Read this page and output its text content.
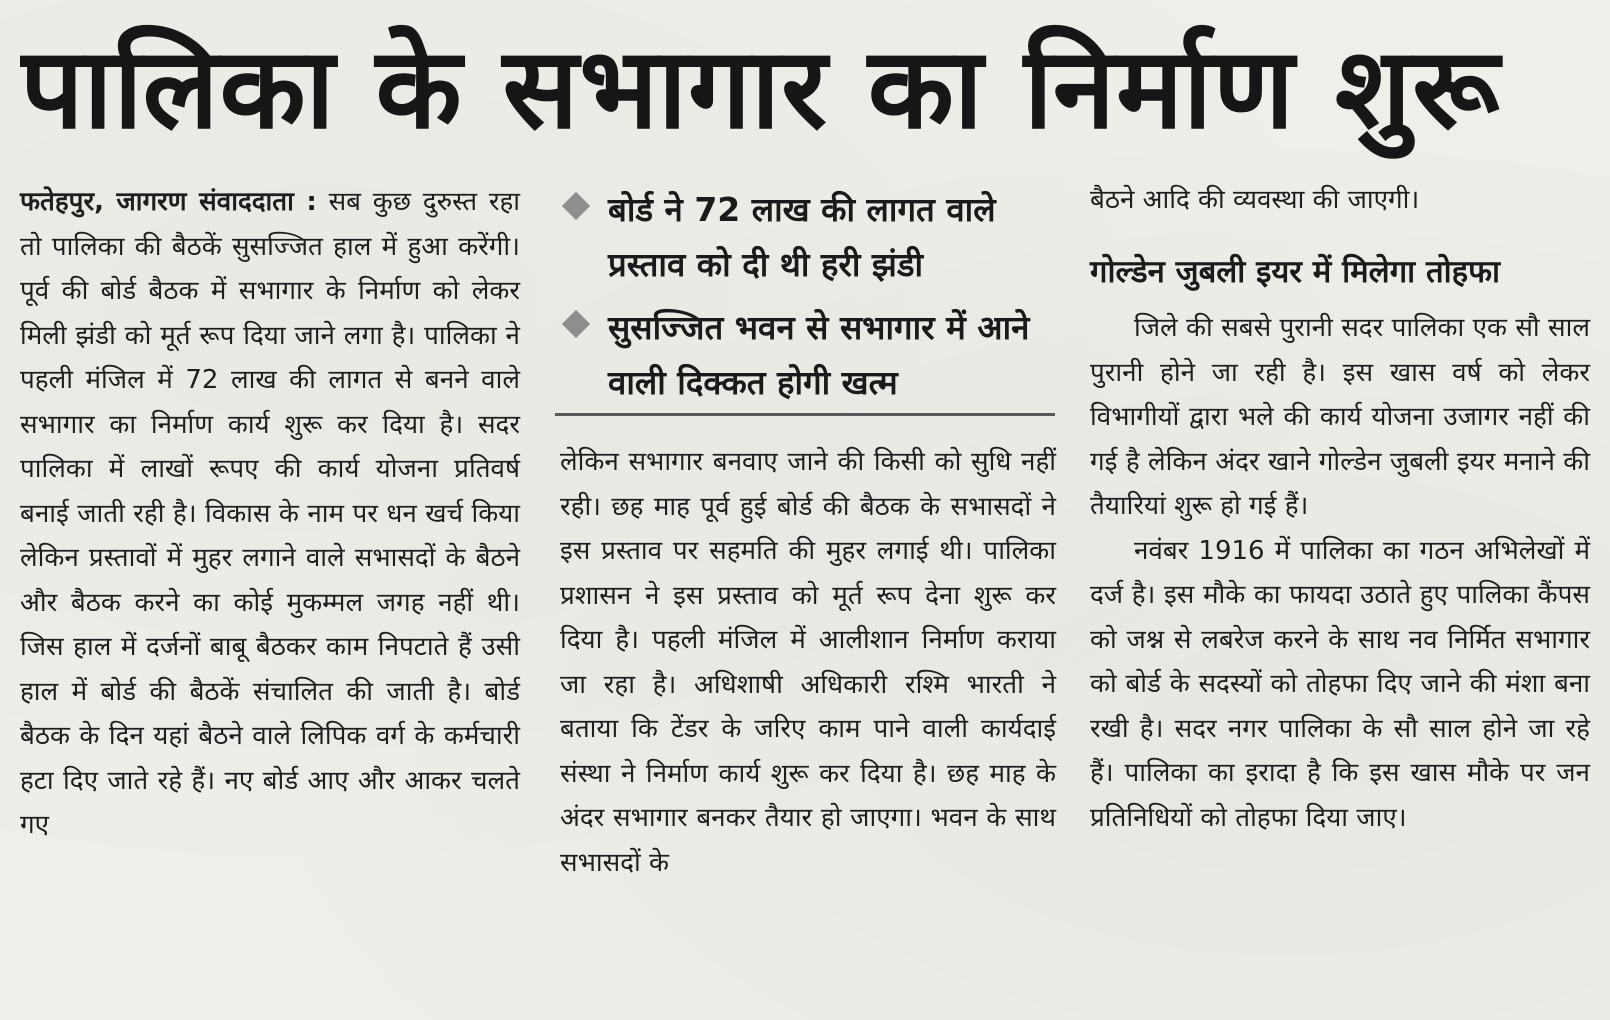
पालिका के सभागार का निर्माण शुरू

फतेहपुर, जागरण संवाददाता : सब कुछ दुरुस्त रहा तो पालिका की बैठकें सुसज्जित हाल में हुआ करेंगी। पूर्व की बोर्ड बैठक में सभागार के निर्माण को लेकर मिली झंडी को मूर्त रूप दिया जाने लगा है। पालिका ने पहली मंजिल में 72 लाख की लागत से बनने वाले सभागार का निर्माण कार्य शुरू कर दिया है। सदर पालिका में लाखों रूपए की कार्य योजना प्रतिवर्ष बनाई जाती रही है। विकास के नाम पर धन खर्च किया लेकिन प्रस्तावों में मुहर लगाने वाले सभासदों के बैठने और बैठक करने का कोई मुकम्मल जगह नहीं थी। जिस हाल में दर्जनों बाबू बैठकर काम निपटाते हैं उसी हाल में बोर्ड की बैठकें संचालित की जाती है। बोर्ड बैठक के दिन यहां बैठने वाले लिपिक वर्ग के कर्मचारी हटा दिए जाते रहे हैं। नए बोर्ड आए और आकर चलते गए

बोर्ड ने 72 लाख की लागत वाले प्रस्ताव को दी थी हरी झंडी
सुसज्जित भवन से सभागार में आने वाली दिक्कत होगी खत्म

लेकिन सभागार बनवाए जाने की किसी को सुधि नहीं रही। छह माह पूर्व हुई बोर्ड की बैठक के सभासदों ने इस प्रस्ताव पर सहमति की मुहर लगाई थी। पालिका प्रशासन ने इस प्रस्ताव को मूर्त रूप देना शुरू कर दिया है। पहली मंजिल में आलीशान निर्माण कराया जा रहा है। अधिशाषी अधिकारी रश्मि भारती ने बताया कि टेंडर के जरिए काम पाने वाली कार्यदाई संस्था ने निर्माण कार्य शुरू कर दिया है। छह माह के अंदर सभागार बनकर तैयार हो जाएगा। भवन के साथ सभासदों के

बैठने आदि की व्यवस्था की जाएगी।

गोल्डेन जुबली इयर में मिलेगा तोहफा

जिले की सबसे पुरानी सदर पालिका एक सौ साल पुरानी होने जा रही है। इस खास वर्ष को लेकर विभागीयों द्वारा भले की कार्य योजना उजागर नहीं की गई है लेकिन अंदर खाने गोल्डेन जुबली इयर मनाने की तैयारियां शुरू हो गई हैं।

नवंबर 1916 में पालिका का गठन अभिलेखों में दर्ज है। इस मौके का फायदा उठाते हुए पालिका कैंपस को जश्न से लबरेज करने के साथ नव निर्मित सभागार को बोर्ड के सदस्यों को तोहफा दिए जाने की मंशा बना रखी है। सदर नगर पालिका के सौ साल होने जा रहे हैं। पालिका का इरादा है कि इस खास मौके पर जन प्रतिनिधियों को तोहफा दिया जाए।
